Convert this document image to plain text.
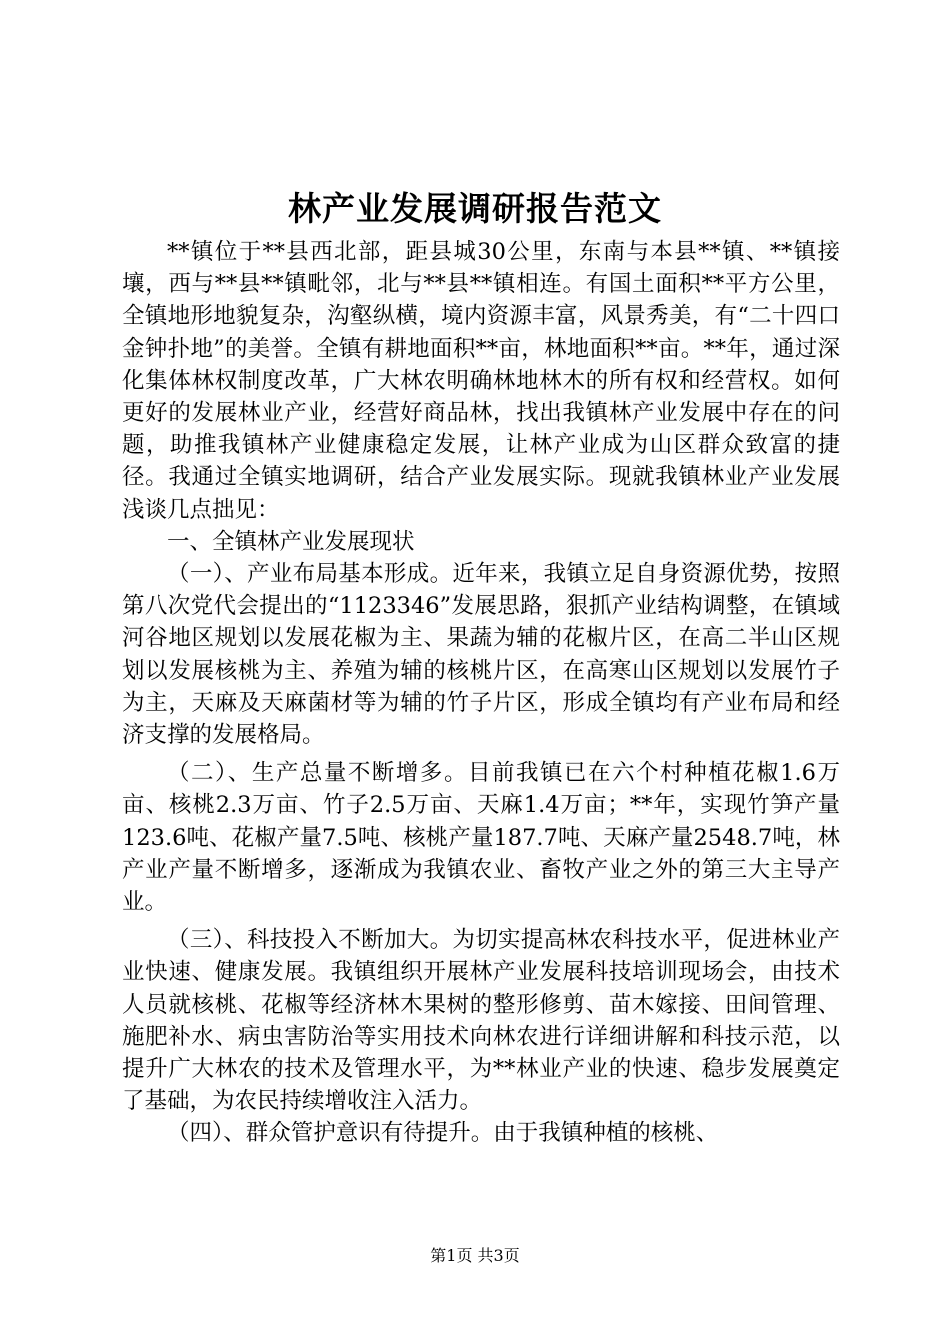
林产业发展调研报告范文

**镇位于**县西北部，距县城30公里，东南与本县**镇、**镇接壤，西与**县**镇毗邻，北与**县**镇相连。有国土面积**平方公里，全镇地形地貌复杂，沟壑纵横，境内资源丰富，风景秀美，有“二十四口金钟扑地”的美誉。全镇有耕地面积**亩，林地面积**亩。**年，通过深化集体林权制度改革，广大林农明确林地林木的所有权和经营权。如何更好的发展林业产业，经营好商品林，找出我镇林产业发展中存在的问题，助推我镇林产业健康稳定发展，让林产业成为山区群众致富的捷径。我通过全镇实地调研，结合产业发展实际。现就我镇林业产业发展浅谈几点拙见：

一、全镇林产业发展现状

（一）、产业布局基本形成。近年来，我镇立足自身资源优势，按照第八次党代会提出的“1123346”发展思路，狠抓产业结构调整，在镇域河谷地区规划以发展花椒为主、果蔬为辅的花椒片区，在高二半山区规划以发展核桃为主、养殖为辅的核桃片区，在高寒山区规划以发展竹子为主，天麻及天麻菌材等为辅的竹子片区，形成全镇均有产业布局和经济支撑的发展格局。

（二）、生产总量不断增多。目前我镇已在六个村种植花椒1.6万亩、核桃2.3万亩、竹子2.5万亩、天麻1.4万亩；**年，实现竹笋产量123.6吨、花椒产量7.5吨、核桃产量187.7吨、天麻产量2548.7吨，林产业产量不断增多，逐渐成为我镇农业、畜牧产业之外的第三大主导产业。

（三）、科技投入不断加大。为切实提高林农科技水平，促进林业产业快速、健康发展。我镇组织开展林产业发展科技培训现场会，由技术人员就核桃、花椒等经济林木果树的整形修剪、苗木嫁接、田间管理、施肥补水、病虫害防治等实用技术向林农进行详细讲解和科技示范，以提升广大林农的技术及管理水平，为**林业产业的快速、稳步发展奠定了基础，为农民持续增收注入活力。

（四）、群众管护意识有待提升。由于我镇种植的核桃、

第1页 共3页
